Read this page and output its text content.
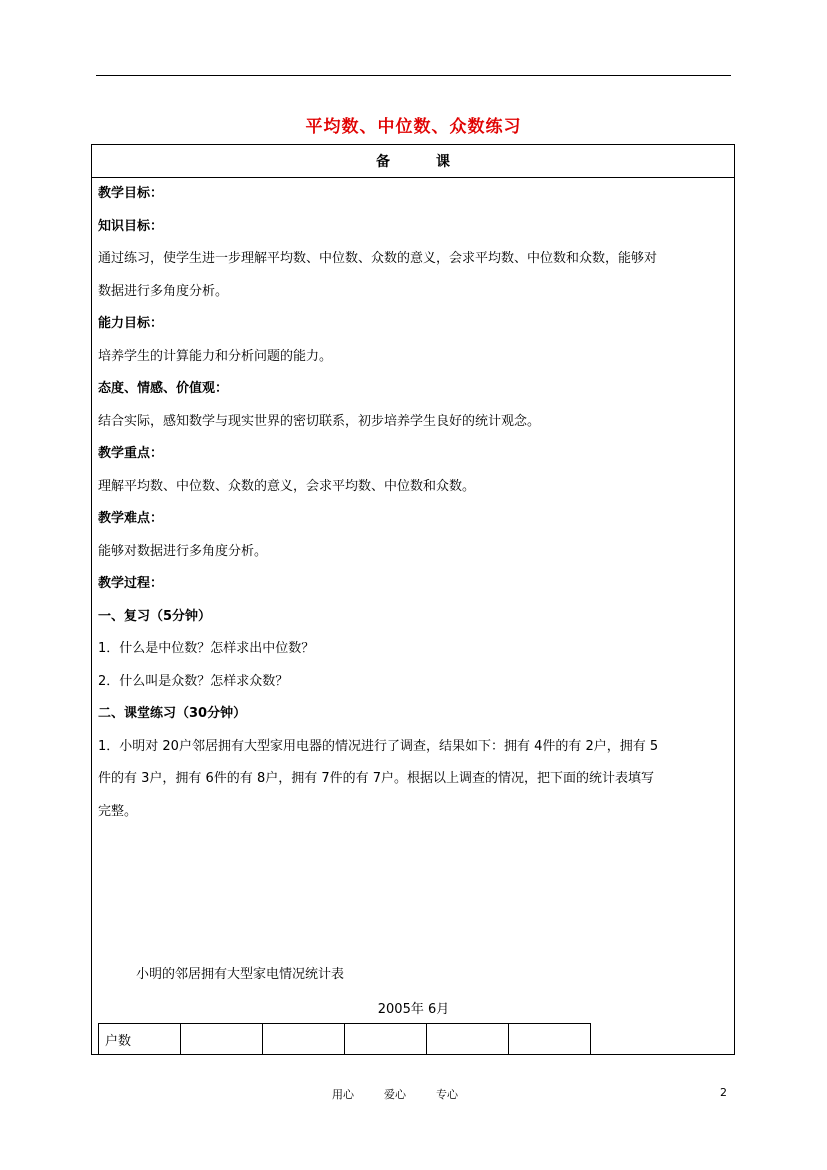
平均数、中位数、众数练习
备	课
教学目标：
知识目标：
通过练习，使学生进一步理解平均数、中位数、众数的意义，会求平均数、中位数和众数，能够对
数据进行多角度分析。
能力目标：
培养学生的计算能力和分析问题的能力。
态度、情感、价值观：
结合实际，感知数学与现实世界的密切联系，初步培养学生良好的统计观念。
教学重点：
理解平均数、中位数、众数的意义，会求平均数、中位数和众数。
教学难点：
能够对数据进行多角度分析。
教学过程：
一、复习（5分钟）
1．什么是中位数？怎样求出中位数？
2．什么叫是众数？怎样求众数？
二、课堂练习（30分钟）
1．小明对 20户邻居拥有大型家用电器的情况进行了调查，结果如下：拥有 4件的有 2户，拥有 5
件的有 3户，拥有 6件的有 8户，拥有 7件的有 7户。根据以上调查的情况，把下面的统计表填写
完整。
小明的邻居拥有大型家电情况统计表
2005年 6月
户数					
用心	爱心	专心	2
